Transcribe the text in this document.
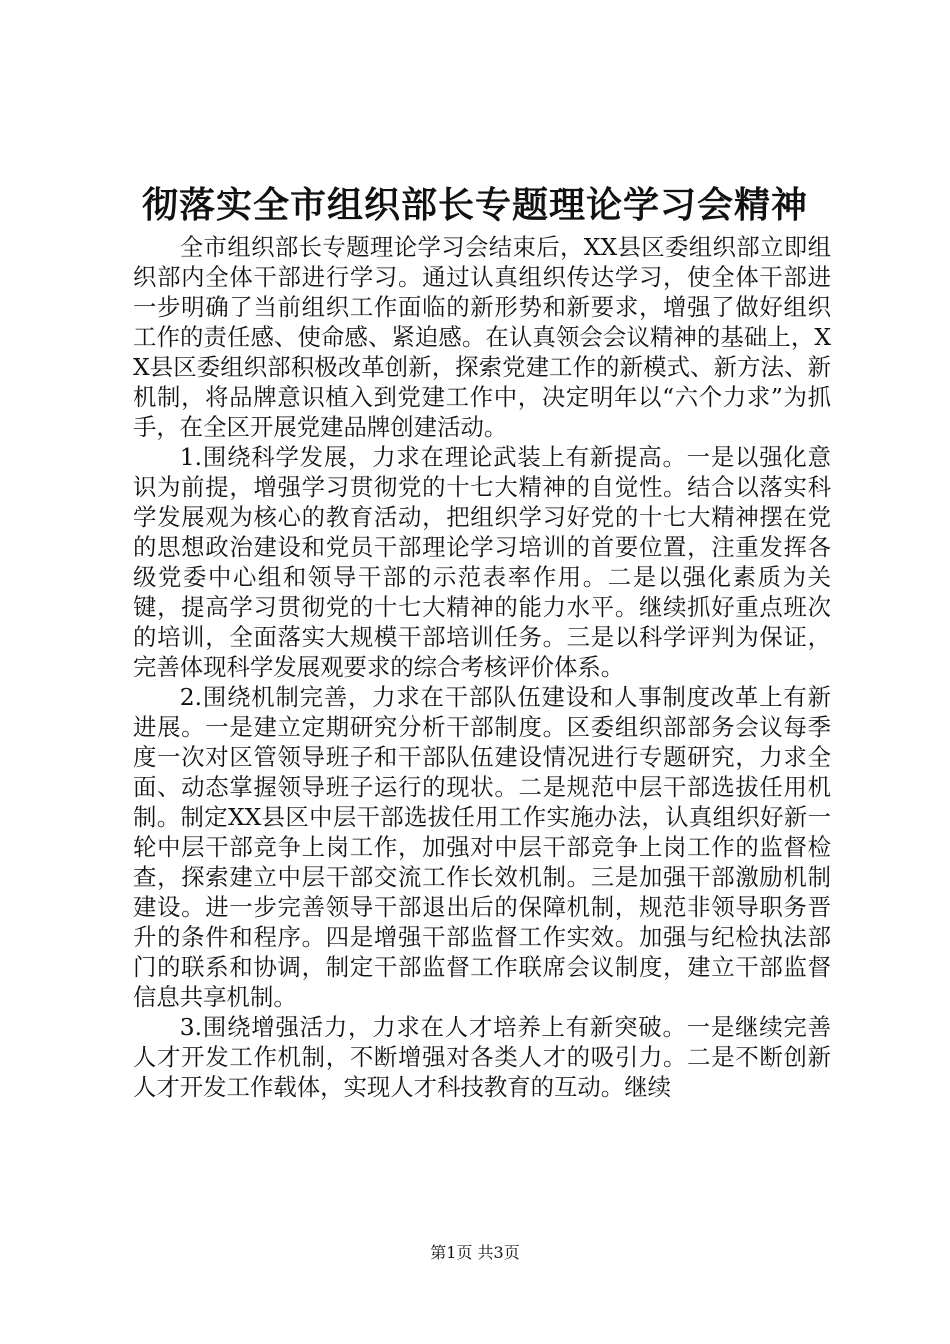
彻落实全市组织部长专题理论学习会精神

全市组织部长专题理论学习会结束后，XX县区委组织部立即组织部内全体干部进行学习。通过认真组织传达学习，使全体干部进一步明确了当前组织工作面临的新形势和新要求，增强了做好组织工作的责任感、使命感、紧迫感。在认真领会会议精神的基础上，XX县区委组织部积极改革创新，探索党建工作的新模式、新方法、新机制，将品牌意识植入到党建工作中，决定明年以“六个力求”为抓手，在全区开展党建品牌创建活动。

1.围绕科学发展，力求在理论武装上有新提高。一是以强化意识为前提，增强学习贯彻党的十七大精神的自觉性。结合以落实科学发展观为核心的教育活动，把组织学习好党的十七大精神摆在党的思想政治建设和党员干部理论学习培训的首要位置，注重发挥各级党委中心组和领导干部的示范表率作用。二是以强化素质为关键，提高学习贯彻党的十七大精神的能力水平。继续抓好重点班次的培训，全面落实大规模干部培训任务。三是以科学评判为保证，完善体现科学发展观要求的综合考核评价体系。

2.围绕机制完善，力求在干部队伍建设和人事制度改革上有新进展。一是建立定期研究分析干部制度。区委组织部部务会议每季度一次对区管领导班子和干部队伍建设情况进行专题研究，力求全面、动态掌握领导班子运行的现状。二是规范中层干部选拔任用机制。制定XX县区中层干部选拔任用工作实施办法，认真组织好新一轮中层干部竞争上岗工作，加强对中层干部竞争上岗工作的监督检查，探索建立中层干部交流工作长效机制。三是加强干部激励机制建设。进一步完善领导干部退出后的保障机制，规范非领导职务晋升的条件和程序。四是增强干部监督工作实效。加强与纪检执法部门的联系和协调，制定干部监督工作联席会议制度，建立干部监督信息共享机制。

3.围绕增强活力，力求在人才培养上有新突破。一是继续完善人才开发工作机制，不断增强对各类人才的吸引力。二是不断创新人才开发工作载体，实现人才科技教育的互动。继续

第1页 共3页
